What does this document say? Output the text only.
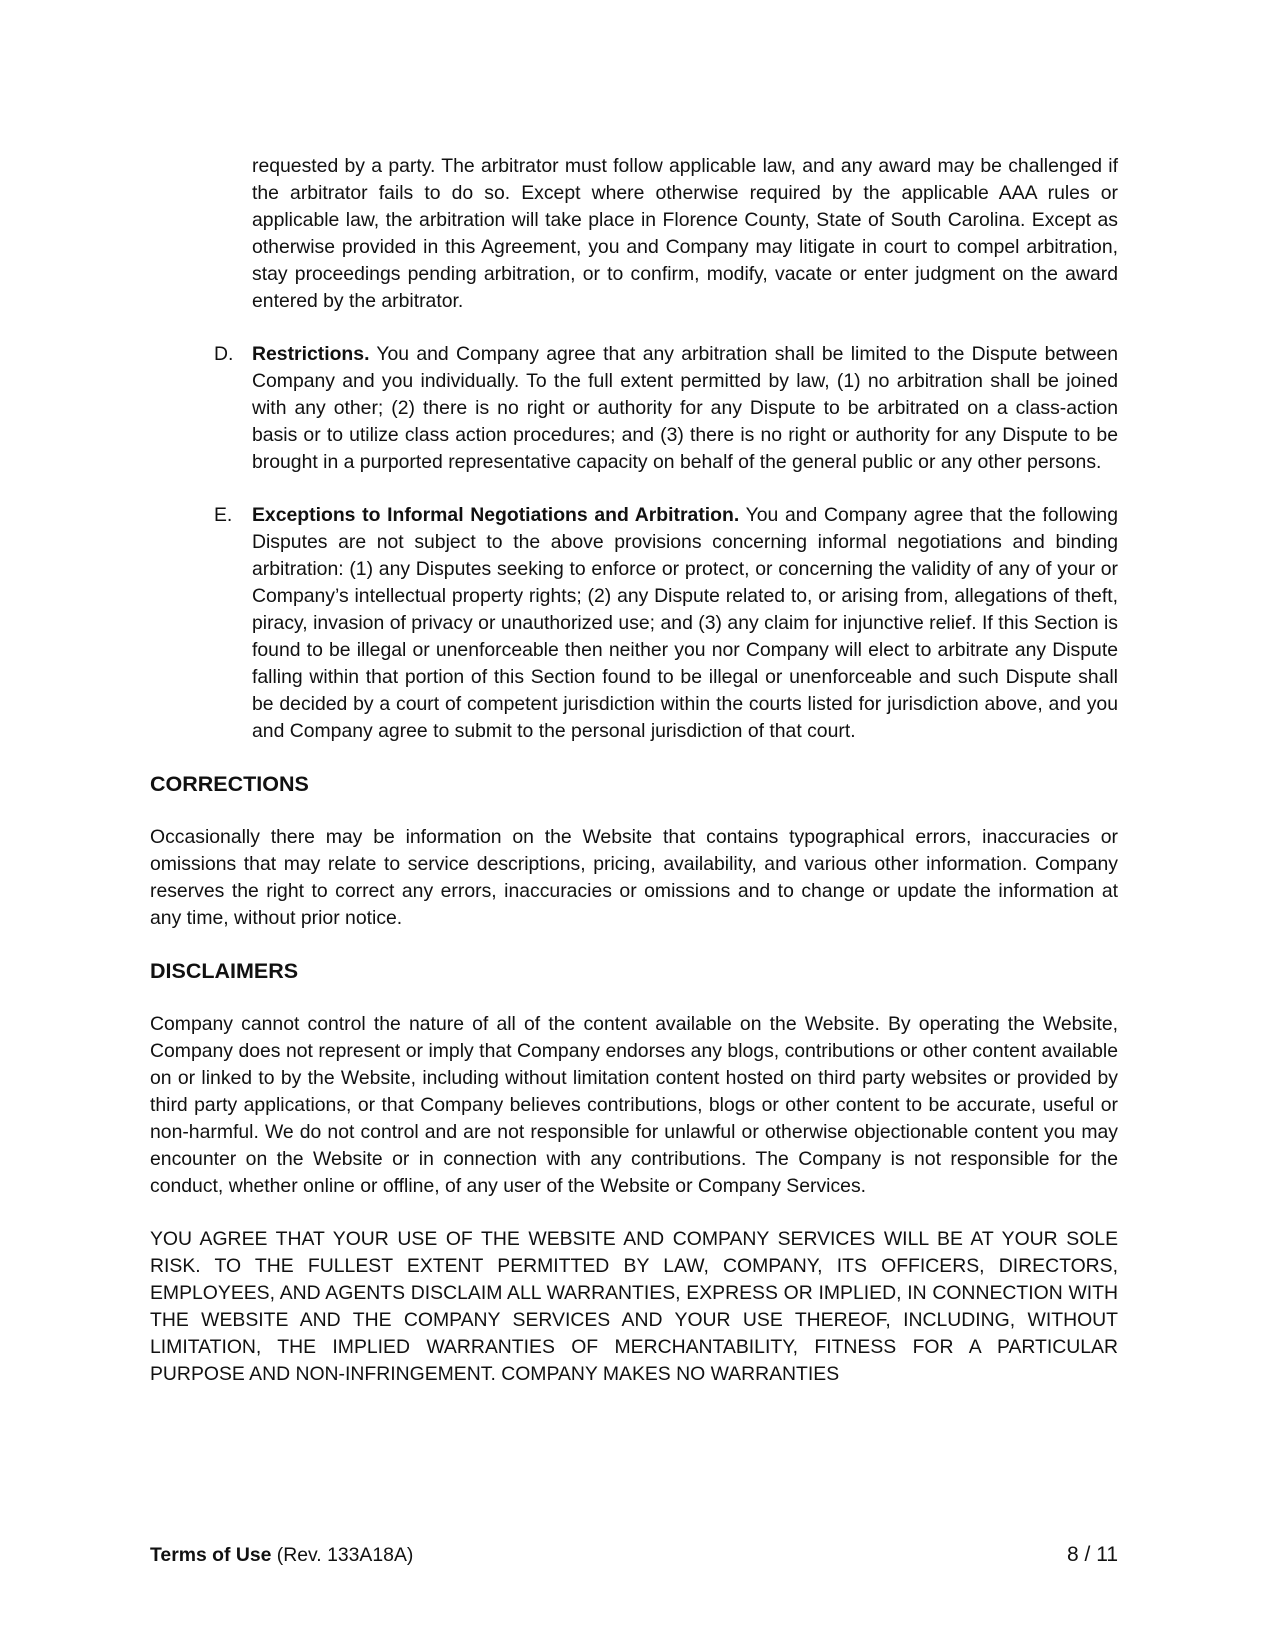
requested by a party. The arbitrator must follow applicable law, and any award may be challenged if the arbitrator fails to do so. Except where otherwise required by the applicable AAA rules or applicable law, the arbitration will take place in Florence County, State of South Carolina. Except as otherwise provided in this Agreement, you and Company may litigate in court to compel arbitration, stay proceedings pending arbitration, or to confirm, modify, vacate or enter judgment on the award entered by the arbitrator.

D. Restrictions. You and Company agree that any arbitration shall be limited to the Dispute between Company and you individually. To the full extent permitted by law, (1) no arbitration shall be joined with any other; (2) there is no right or authority for any Dispute to be arbitrated on a class-action basis or to utilize class action procedures; and (3) there is no right or authority for any Dispute to be brought in a purported representative capacity on behalf of the general public or any other persons.

E.	Exceptions to Informal Negotiations and Arbitration. You and Company agree that the following Disputes are not subject to the above provisions concerning informal negotiations and binding arbitration: (1) any Disputes seeking to enforce or protect, or concerning the validity of any of your or Company’s intellectual property rights; (2) any Dispute related to, or arising from, allegations of theft, piracy, invasion of privacy or unauthorized use; and (3) any claim for injunctive relief. If this Section is found to be illegal or unenforceable then neither you nor Company will elect to arbitrate any Dispute falling within that portion of this Section found to be illegal or unenforceable and such Dispute shall be decided by a court of competent jurisdiction within the courts listed for jurisdiction above, and you and Company agree to submit to the personal jurisdiction of that court.

CORRECTIONS

Occasionally there may be information on the Website that contains typographical errors, inaccuracies or omissions that may relate to service descriptions, pricing, availability, and various other information. Company reserves the right to correct any errors, inaccuracies or omissions and to change or update the information at any time, without prior notice.

DISCLAIMERS

Company cannot control the nature of all of the content available on the Website. By operating the Website, Company does not represent or imply that Company endorses any blogs, contributions or other content available on or linked to by the Website, including without limitation content hosted on third party websites or provided by third party applications, or that Company believes contributions, blogs or other content to be accurate, useful or non-harmful. We do not control and are not responsible for unlawful or otherwise objectionable content you may encounter on the Website or in connection with any contributions. The Company is not responsible for the conduct, whether online or offline, of any user of the Website or Company Services.

YOU AGREE THAT YOUR USE OF THE WEBSITE AND COMPANY SERVICES WILL BE AT YOUR SOLE RISK. TO THE FULLEST EXTENT PERMITTED BY LAW, COMPANY, ITS OFFICERS, DIRECTORS, EMPLOYEES, AND AGENTS DISCLAIM ALL WARRANTIES, EXPRESS OR IMPLIED, IN CONNECTION WITH THE WEBSITE AND THE COMPANY SERVICES AND YOUR USE THEREOF, INCLUDING, WITHOUT LIMITATION, THE IMPLIED WARRANTIES OF MERCHANTABILITY, FITNESS FOR A PARTICULAR PURPOSE AND NON-INFRINGEMENT. COMPANY MAKES NO WARRANTIES

Terms of Use (Rev. 133A18A)	8 / 11
